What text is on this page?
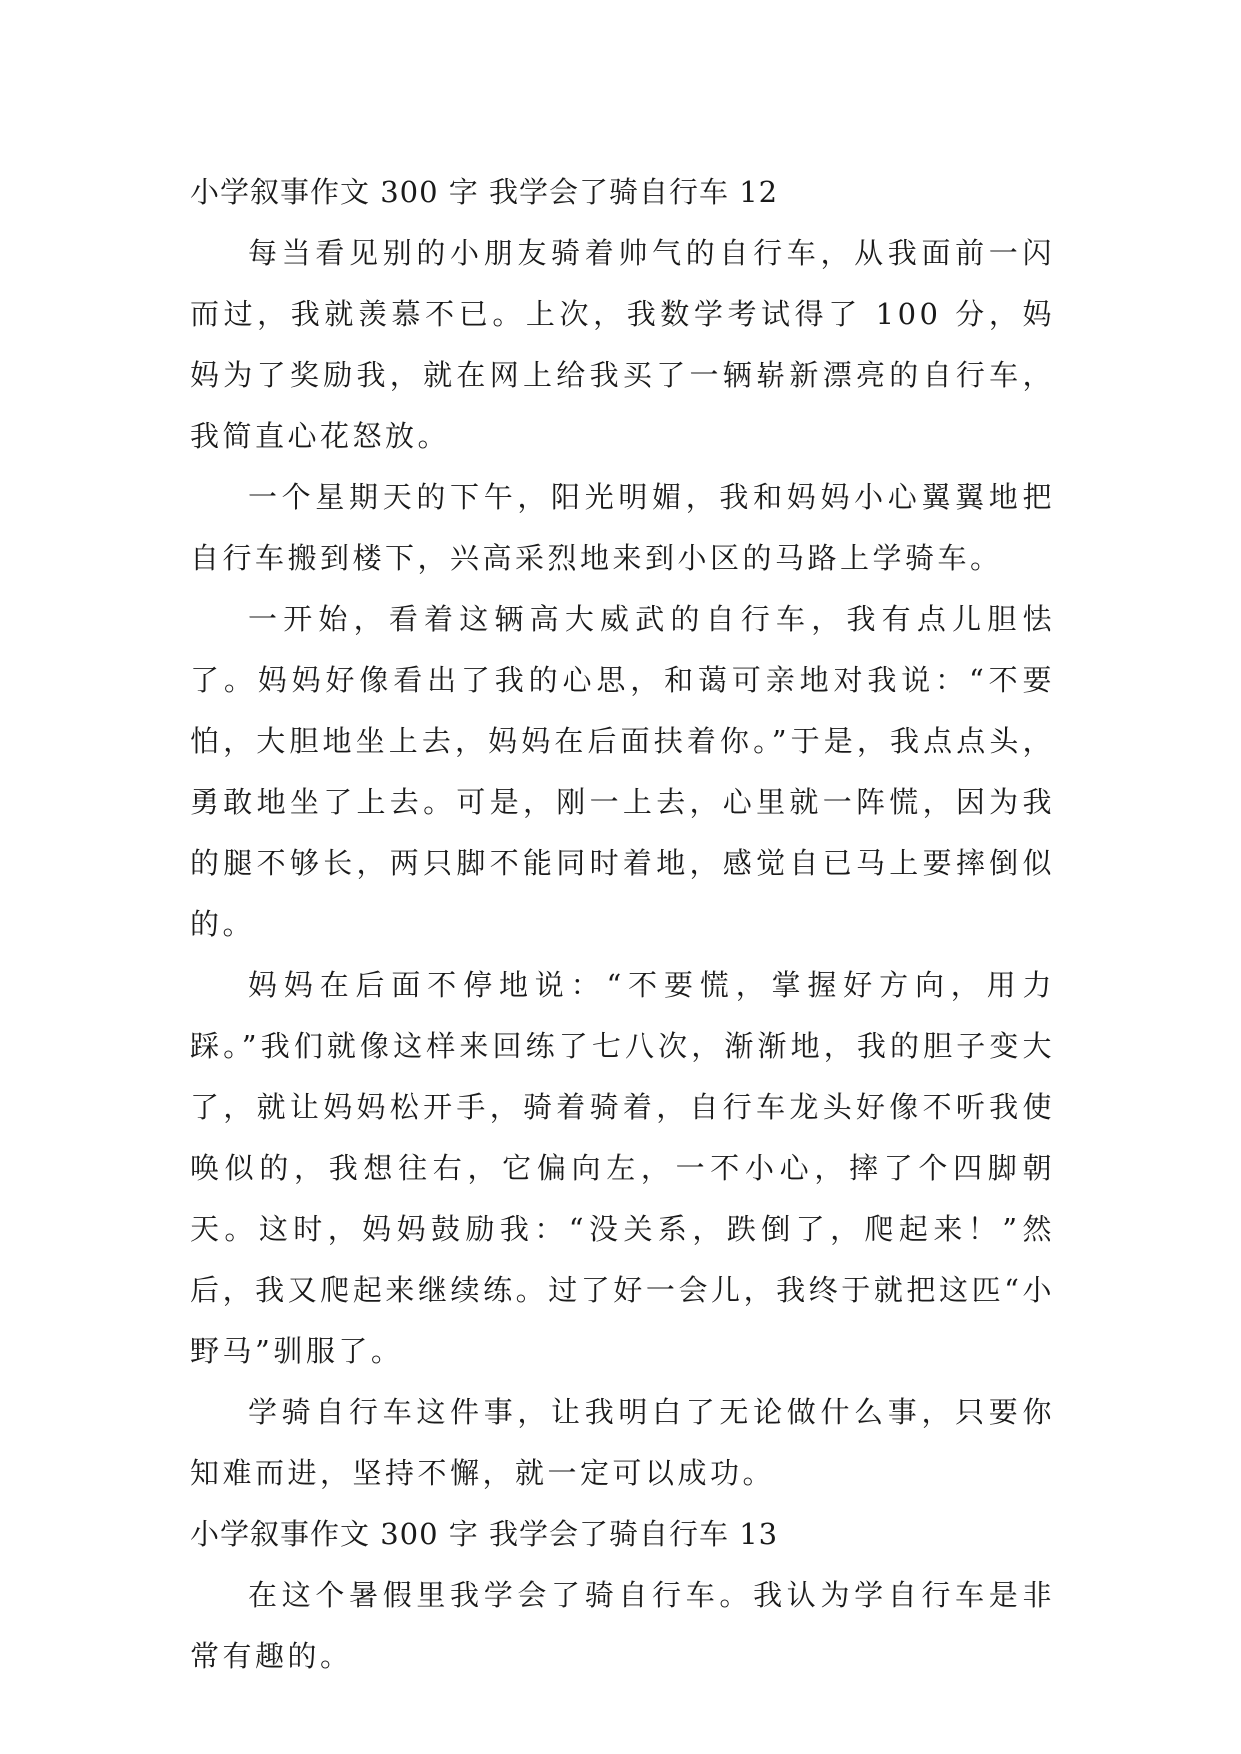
小学叙事作文 300 字 我学会了骑自行车 12

每当看见别的小朋友骑着帅气的自行车，从我面前一闪而过，我就羡慕不已。上次，我数学考试得了 100 分，妈妈为了奖励我，就在网上给我买了一辆崭新漂亮的自行车，我简直心花怒放。

一个星期天的下午，阳光明媚，我和妈妈小心翼翼地把自行车搬到楼下，兴高采烈地来到小区的马路上学骑车。

一开始，看着这辆高大威武的自行车，我有点儿胆怯了。妈妈好像看出了我的心思，和蔼可亲地对我说：“不要怕，大胆地坐上去，妈妈在后面扶着你。”于是，我点点头，勇敢地坐了上去。可是，刚一上去，心里就一阵慌，因为我的腿不够长，两只脚不能同时着地，感觉自已马上要摔倒似的。

妈妈在后面不停地说：“不要慌，掌握好方向，用力踩。”我们就像这样来回练了七八次，渐渐地，我的胆子变大了，就让妈妈松开手，骑着骑着，自行车龙头好像不听我使唤似的，我想往右，它偏向左，一不小心，摔了个四脚朝天。这时，妈妈鼓励我：“没关系，跌倒了，爬起来！”然后，我又爬起来继续练。过了好一会儿，我终于就把这匹“小野马”驯服了。

学骑自行车这件事，让我明白了无论做什么事，只要你知难而进，坚持不懈，就一定可以成功。

小学叙事作文 300 字 我学会了骑自行车 13

在这个暑假里我学会了骑自行车。我认为学自行车是非常有趣的。
